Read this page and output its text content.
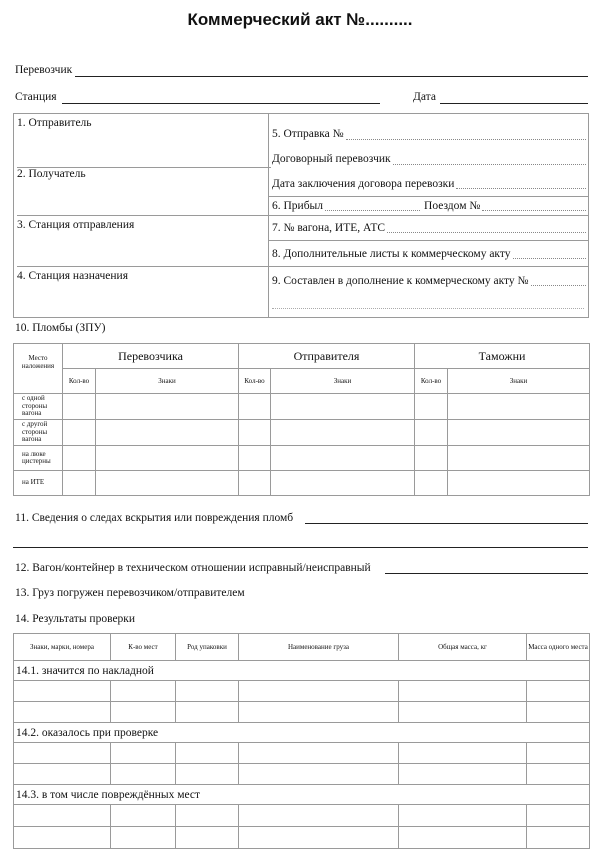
Коммерческий акт №..........
Перевозчик
Станция	Дата
1. Отправитель
2. Получатель
3. Станция отправления
4. Станция назначения
5. Отправка №
Договорный перевозчик
Дата заключения договора перевозки
6. Прибыл	Поездом №
7. № вагона, ИТЕ, АТС
8. Дополнительные листы к коммерческому акту
9. Составлен в дополнение к коммерческому акту №
10. Пломбы (ЗПУ)
Место наложения	Перевозчика		Отправителя		Таможни	
	Кол-во	Знаки	Кол-во	Знаки	Кол-во	Знаки
с одной стороны вагона						
с другой стороны вагона						
на люке цистерны						
на ИТЕ						
11. Сведения о следах вскрытия или повреждения пломб
12. Вагон/контейнер в техническом отношении исправный/неисправный
13. Груз погружен перевозчиком/отправителем
14. Результаты проверки
Знаки, марки, номера	К-во мест	Род упаковки	Наименование груза	Общая масса, кг	Масса одного места
14.1. значится по накладной					

14.2. оказалось при проверке					

14.3. в том числе повреждённых мест					
